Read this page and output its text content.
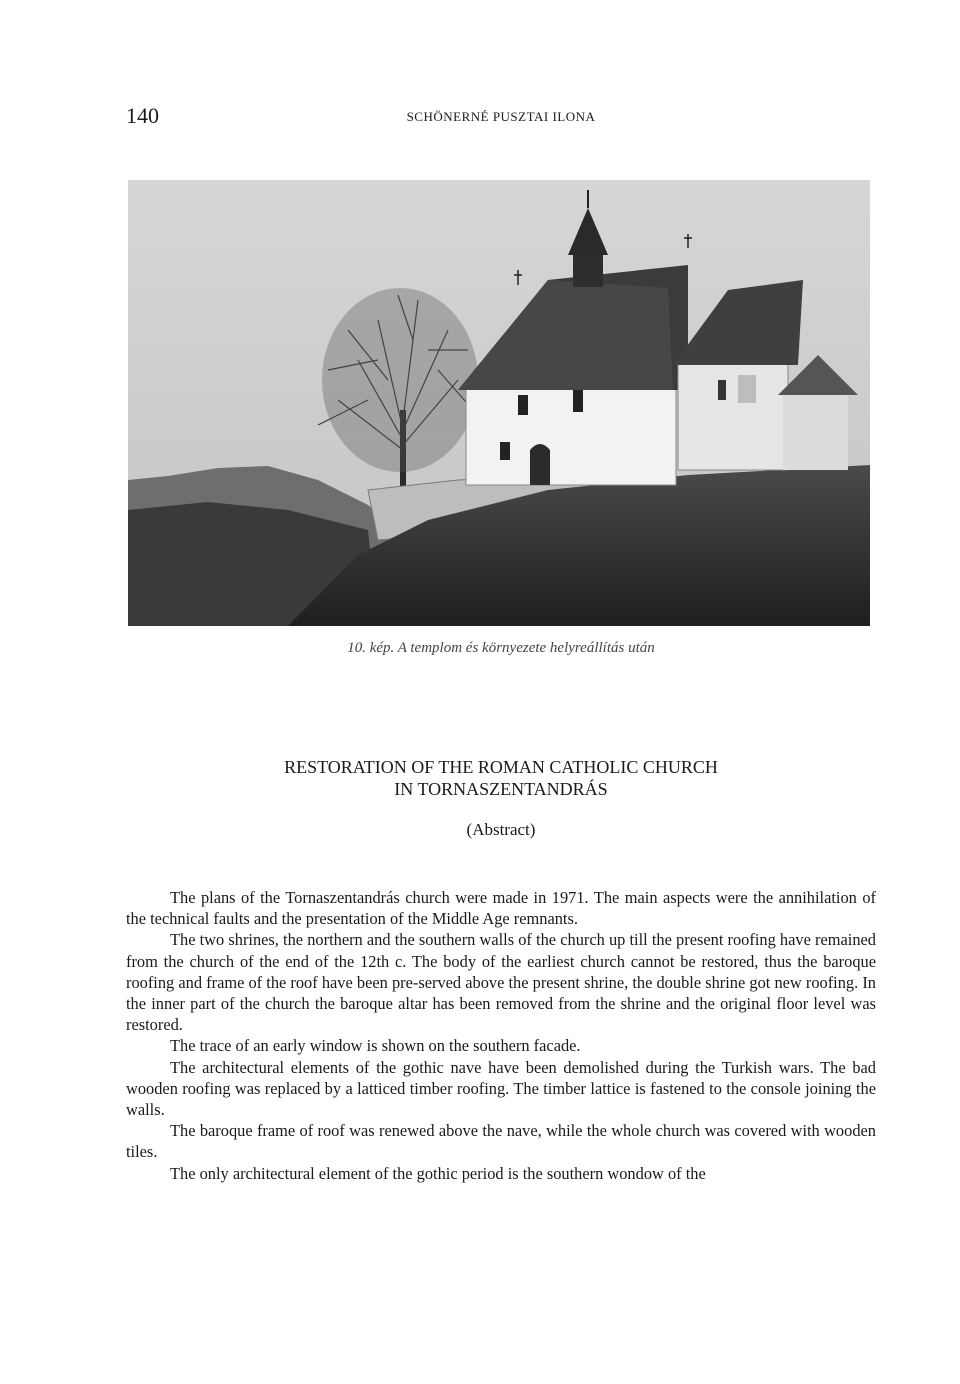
140	SCHÖNERNÉ PUSZTAI ILONA
10. kép. A templom és környezete helyreállítás után
RESTORATION OF THE ROMAN CATHOLIC CHURCH
IN TORNASZENTANDRÁS
(Abstract)

The plans of the Tornaszentandrás church were made in 1971. The main aspects were the annihilation of the technical faults and the presentation of the Middle Age remnants.

The two shrines, the northern and the southern walls of the church up till the present roofing have remained from the church of the end of the 12th c. The body of the earliest church cannot be restored, thus the baroque roofing and frame of the roof have been pre-served above the present shrine, the double shrine got new roofing. In the inner part of the church the baroque altar has been removed from the shrine and the original floor level was restored.

The trace of an early window is shown on the southern facade.

The architectural elements of the gothic nave have been demolished during the Turkish wars. The bad wooden roofing was replaced by a latticed timber roofing. The timber lattice is fastened to the console joining the walls.

The baroque frame of roof was renewed above the nave, while the whole church was covered with wooden tiles.

The only architectural element of the gothic period is the southern wondow of the
